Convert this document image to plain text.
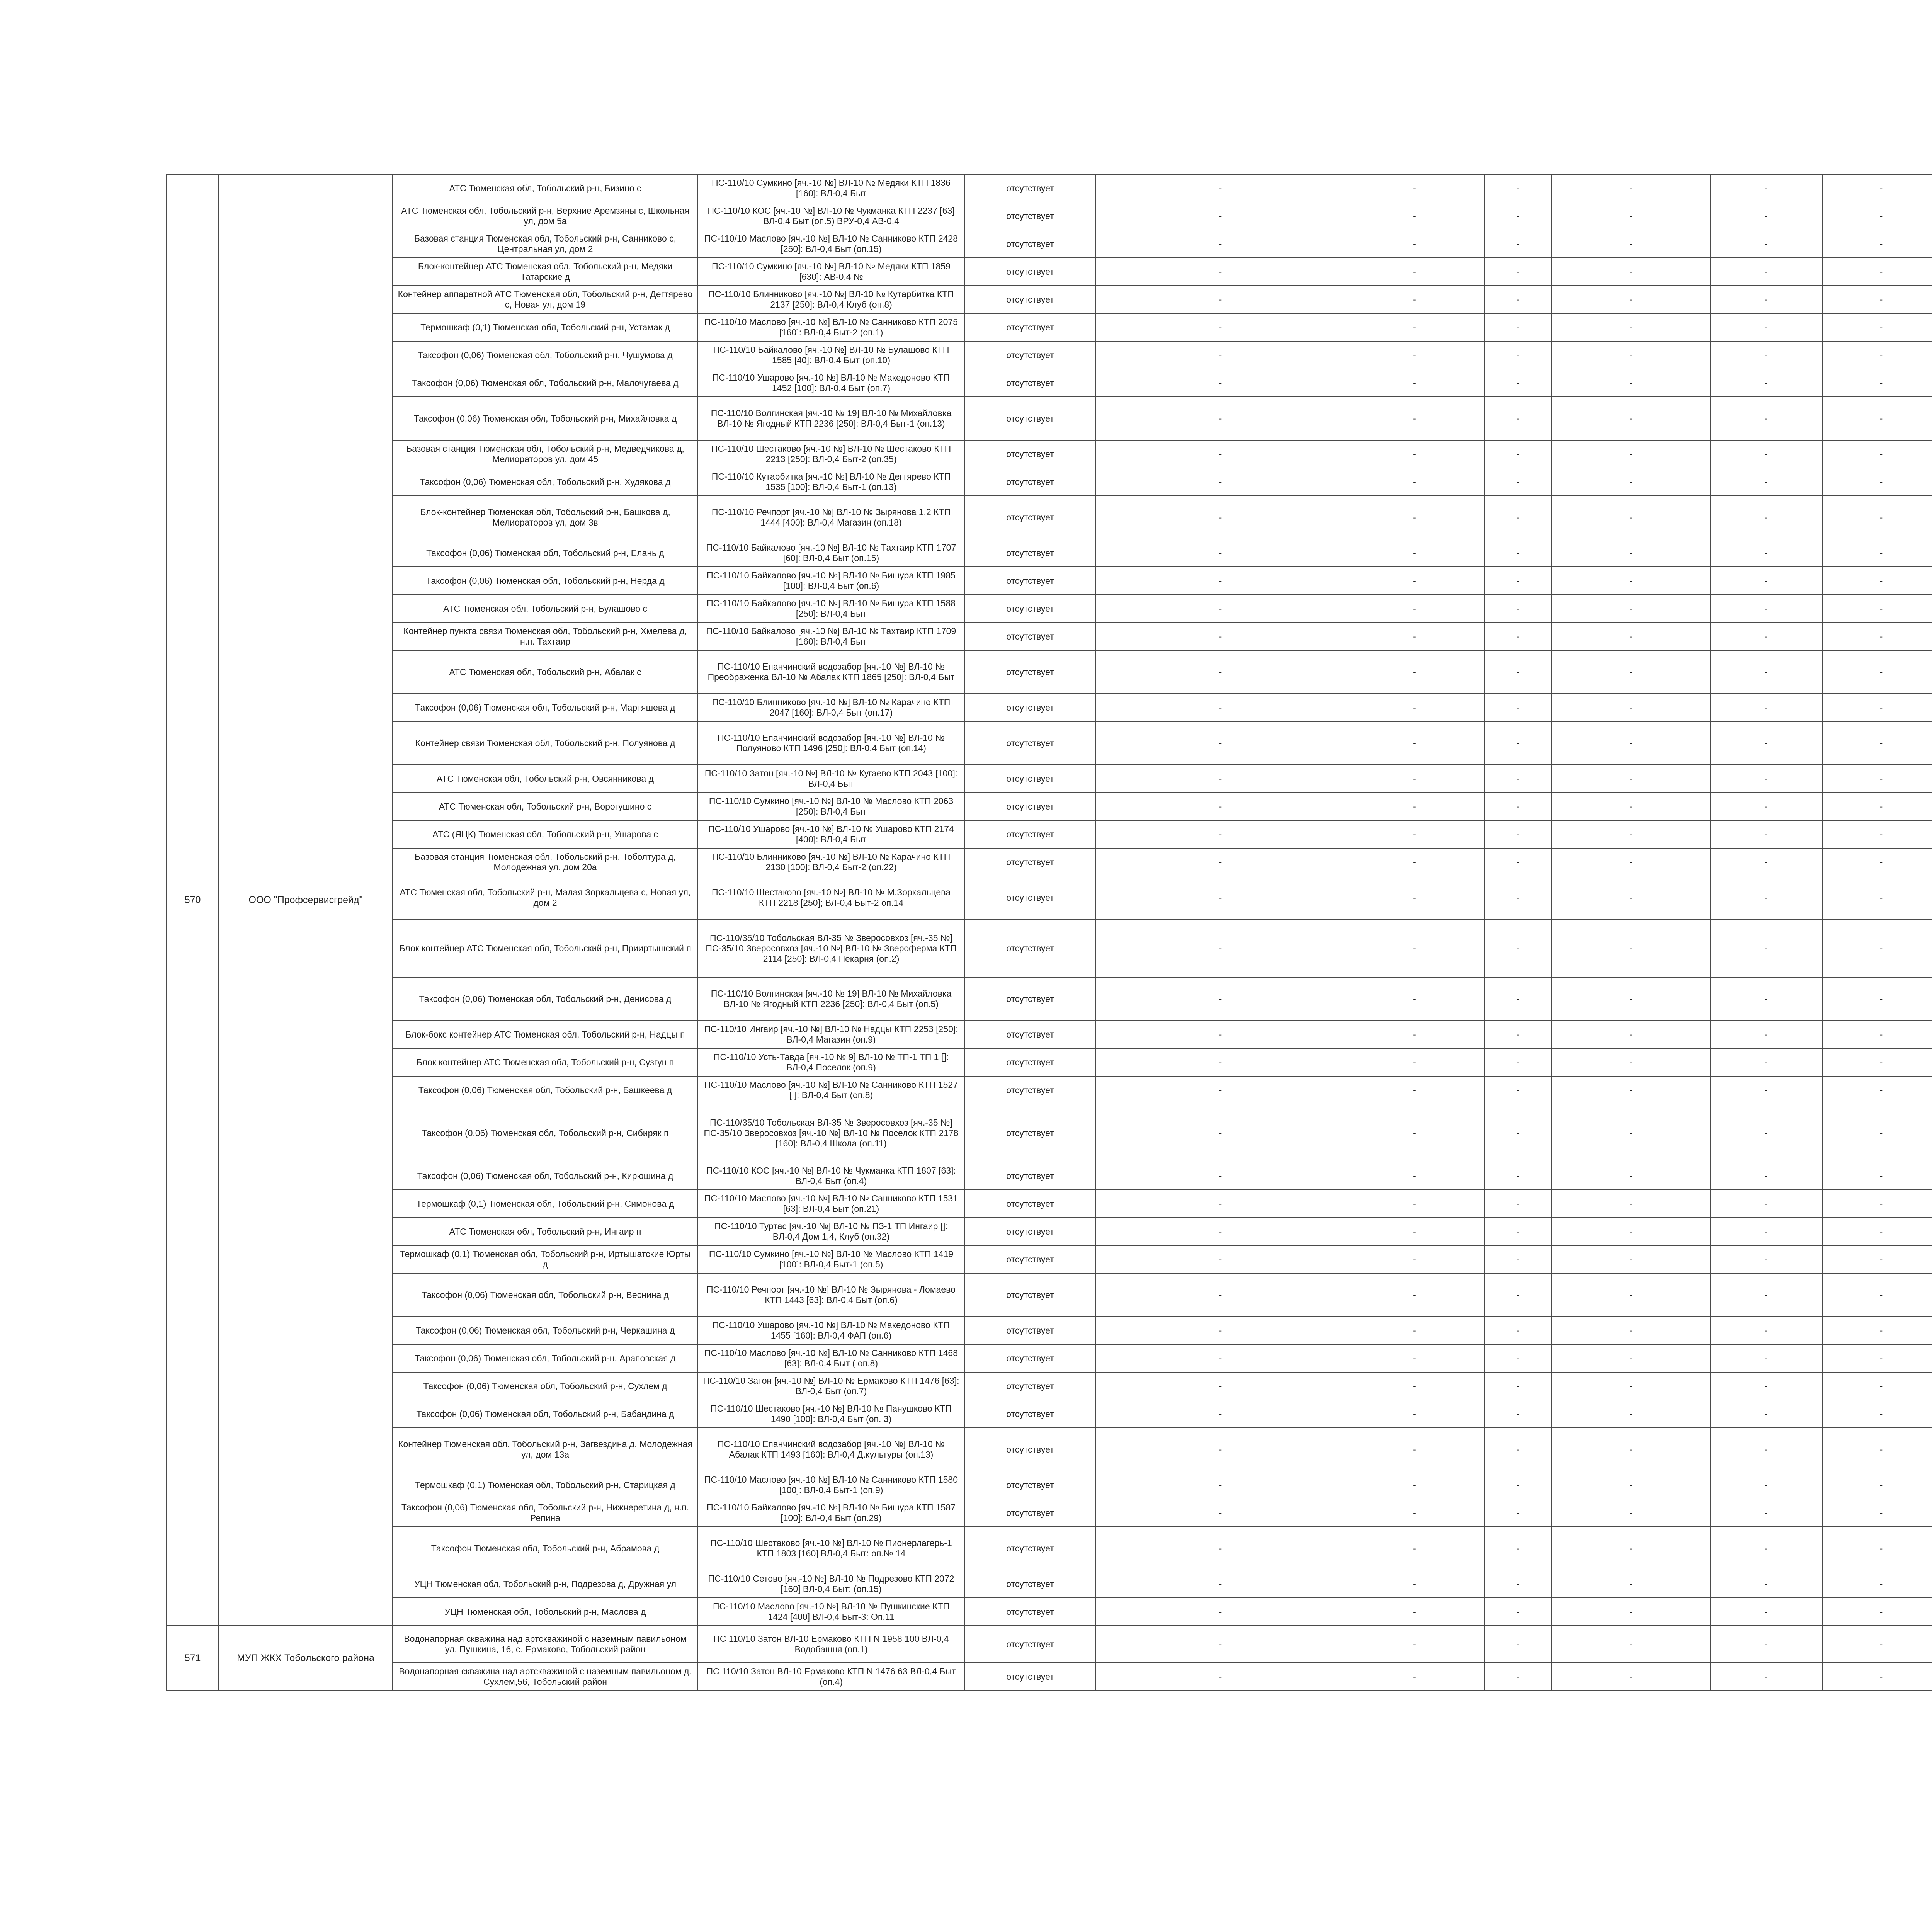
570	ООО "Профсервисгрейд"	АТС Тюменская обл, Тобольский р-н, Бизино с	ПС-110/10 Сумкино [яч.-10 №] ВЛ-10 № Медяки КТП 1836 [160]: ВЛ-0,4 Быт	отсутствует	-	-	-	-	-	-
		АТС Тюменская обл, Тобольский р-н, Верхние Аремзяны с, Школьная ул, дом 5а	ПС-110/10 КОС [яч.-10 №] ВЛ-10 № Чукманка КТП 2237 [63] ВЛ-0,4 Быт (оп.5) ВРУ-0,4 АВ-0,4	отсутствует	-	-	-	-	-	-
		Базовая станция Тюменская обл, Тобольский р-н, Санниково с, Центральная ул, дом 2	ПС-110/10 Маслово [яч.-10 №] ВЛ-10 № Санниково КТП 2428 [250]: ВЛ-0,4 Быт (оп.15)	отсутствует	-	-	-	-	-	-
		Блок-контейнер АТС Тюменская обл, Тобольский р-н, Медяки Татарские д	ПС-110/10 Сумкино [яч.-10 №] ВЛ-10 № Медяки КТП 1859 [630]: АВ-0,4 №	отсутствует	-	-	-	-	-	-
		Контейнер аппаратной АТС Тюменская обл, Тобольский р-н, Дегтярево с, Новая ул, дом 19	ПС-110/10 Блинниково [яч.-10 №] ВЛ-10 № Кутарбитка КТП 2137 [250]: ВЛ-0,4 Клуб (оп.8)	отсутствует	-	-	-	-	-	-
		Термошкаф (0,1) Тюменская обл, Тобольский р-н, Устамак д	ПС-110/10 Маслово [яч.-10 №] ВЛ-10 № Санниково КТП 2075 [160]: ВЛ-0,4 Быт-2 (оп.1)	отсутствует	-	-	-	-	-	-
		Таксофон (0,06) Тюменская обл, Тобольский р-н, Чушумова д	ПС-110/10 Байкалово [яч.-10 №] ВЛ-10 № Булашово КТП 1585 [40]: ВЛ-0,4 Быт (оп.10)	отсутствует	-	-	-	-	-	-
		Таксофон (0,06) Тюменская обл, Тобольский р-н, Малочугаева д	ПС-110/10 Ушарово [яч.-10 №] ВЛ-10 № Македоново КТП 1452 [100]: ВЛ-0,4 Быт (оп.7)	отсутствует	-	-	-	-	-	-
		Таксофон (0,06) Тюменская обл, Тобольский р-н, Михайловка д	ПС-110/10 Волгинская [яч.-10 № 19] ВЛ-10 № Михайловка ВЛ-10 № Ягодный КТП 2236 [250]: ВЛ-0,4 Быт-1 (оп.13)	отсутствует	-	-	-	-	-	-
		Базовая станция Тюменская обл, Тобольский р-н, Медведчикова д, Мелиораторов ул, дом 45	ПС-110/10 Шестаково [яч.-10 №] ВЛ-10 № Шестаково КТП 2213 [250]: ВЛ-0,4 Быт-2 (оп.35)	отсутствует	-	-	-	-	-	-
		Таксофон (0,06) Тюменская обл, Тобольский р-н, Худякова д	ПС-110/10 Кутарбитка [яч.-10 №] ВЛ-10 № Дегтярево КТП 1535 [100]: ВЛ-0,4 Быт-1 (оп.13)	отсутствует	-	-	-	-	-	-
		Блок-контейнер Тюменская обл, Тобольский р-н, Башкова д, Мелиораторов ул, дом 3в	ПС-110/10 Речпорт [яч.-10 №] ВЛ-10 № Зырянова 1,2 КТП 1444 [400]: ВЛ-0,4 Магазин (оп.18)	отсутствует	-	-	-	-	-	-
		Таксофон (0,06) Тюменская обл, Тобольский р-н, Елань д	ПС-110/10 Байкалово [яч.-10 №] ВЛ-10 № Тахтаир КТП 1707 [60]: ВЛ-0,4 Быт (оп.15)	отсутствует	-	-	-	-	-	-
		Таксофон (0,06) Тюменская обл, Тобольский р-н, Нерда д	ПС-110/10 Байкалово [яч.-10 №] ВЛ-10 № Бишура КТП 1985 [100]: ВЛ-0,4 Быт (оп.6)	отсутствует	-	-	-	-	-	-
		АТС Тюменская обл, Тобольский р-н, Булашово с	ПС-110/10 Байкалово [яч.-10 №] ВЛ-10 № Бишура КТП 1588 [250]: ВЛ-0,4 Быт	отсутствует	-	-	-	-	-	-
		Контейнер пункта связи Тюменская обл, Тобольский р-н, Хмелева д, н.п. Тахтаир	ПС-110/10 Байкалово [яч.-10 №] ВЛ-10 № Тахтаир КТП 1709 [160]: ВЛ-0,4 Быт	отсутствует	-	-	-	-	-	-
		АТС Тюменская обл, Тобольский р-н, Абалак с	ПС-110/10 Епанчинский водозабор [яч.-10 №] ВЛ-10 № Преображенка ВЛ-10 № Абалак КТП 1865 [250]: ВЛ-0,4 Быт	отсутствует	-	-	-	-	-	-
		Таксофон (0,06) Тюменская обл, Тобольский р-н, Мартяшева д	ПС-110/10 Блинниково [яч.-10 №] ВЛ-10 № Карачино КТП 2047 [160]: ВЛ-0,4 Быт (оп.17)	отсутствует	-	-	-	-	-	-
		Контейнер связи Тюменская обл, Тобольский р-н, Полуянова д	ПС-110/10 Епанчинский водозабор [яч.-10 №] ВЛ-10 № Полуяново КТП 1496 [250]: ВЛ-0,4 Быт (оп.14)	отсутствует	-	-	-	-	-	-
		АТС Тюменская обл, Тобольский р-н, Овсянникова д	ПС-110/10 Затон [яч.-10 №] ВЛ-10 № Кугаево КТП 2043 [100]: ВЛ-0,4 Быт	отсутствует	-	-	-	-	-	-
		АТС Тюменская обл, Тобольский р-н, Ворогушино с	ПС-110/10 Сумкино [яч.-10 №] ВЛ-10 № Маслово КТП 2063 [250]: ВЛ-0,4 Быт	отсутствует	-	-	-	-	-	-
		АТС (ЯЦК) Тюменская обл, Тобольский р-н, Ушарова с	ПС-110/10 Ушарово [яч.-10 №] ВЛ-10 № Ушарово КТП 2174 [400]: ВЛ-0,4 Быт	отсутствует	-	-	-	-	-	-
		Базовая станция Тюменская обл, Тобольский р-н, Тоболтура д, Молодежная ул, дом 20а	ПС-110/10 Блинниково [яч.-10 №] ВЛ-10 № Карачино КТП 2130 [100]: ВЛ-0,4 Быт-2 (оп.22)	отсутствует	-	-	-	-	-	-
		АТС Тюменская обл, Тобольский р-н, Малая Зоркальцева с, Новая ул, дом 2	ПС-110/10 Шестаково [яч.-10 №] ВЛ-10 № М.Зоркальцева КТП 2218 [250]; ВЛ-0,4 Быт-2 оп.14	отсутствует	-	-	-	-	-	-
		Блок контейнер АТС Тюменская обл, Тобольский р-н, Прииртышский п	ПС-110/35/10 Тобольская ВЛ-35 № Зверосовхоз [яч.-35 №] ПС-35/10 Зверосовхоз [яч.-10 №] ВЛ-10 № Звероферма КТП 2114 [250]: ВЛ-0,4 Пекарня (оп.2)	отсутствует	-	-	-	-	-	-
		Таксофон (0,06) Тюменская обл, Тобольский р-н, Денисова д	ПС-110/10 Волгинская [яч.-10 № 19] ВЛ-10 № Михайловка ВЛ-10 № Ягодный КТП 2236 [250]: ВЛ-0,4 Быт (оп.5)	отсутствует	-	-	-	-	-	-
		Блок-бокс контейнер АТС Тюменская обл, Тобольский р-н, Надцы п	ПС-110/10 Ингаир [яч.-10 №] ВЛ-10 № Надцы КТП 2253 [250]: ВЛ-0,4 Магазин (оп.9)	отсутствует	-	-	-	-	-	-
		Блок контейнер АТС Тюменская обл, Тобольский р-н, Сузгун п	ПС-110/10 Усть-Тавда [яч.-10 № 9] ВЛ-10 № ТП-1 ТП 1 []: ВЛ-0,4 Поселок (оп.9)	отсутствует	-	-	-	-	-	-
		Таксофон (0,06) Тюменская обл, Тобольский р-н, Башкеева д	ПС-110/10 Маслово [яч.-10 №] ВЛ-10 № Санниково КТП 1527 [ ]: ВЛ-0,4 Быт (оп.8)	отсутствует	-	-	-	-	-	-
		Таксофон (0,06) Тюменская обл, Тобольский р-н, Сибиряк п	ПС-110/35/10 Тобольская ВЛ-35 № Зверосовхоз [яч.-35 №] ПС-35/10 Зверосовхоз [яч.-10 №] ВЛ-10 № Поселок КТП 2178 [160]: ВЛ-0,4 Школа (оп.11)	отсутствует	-	-	-	-	-	-
		Таксофон (0,06) Тюменская обл, Тобольский р-н, Кирюшина д	ПС-110/10 КОС [яч.-10 №] ВЛ-10 № Чукманка КТП 1807 [63]: ВЛ-0,4 Быт (оп.4)	отсутствует	-	-	-	-	-	-
		Термошкаф (0,1) Тюменская обл, Тобольский р-н, Симонова д	ПС-110/10 Маслово [яч.-10 №] ВЛ-10 № Санниково КТП 1531 [63]: ВЛ-0,4 Быт (оп.21)	отсутствует	-	-	-	-	-	-
		АТС Тюменская обл, Тобольский р-н, Ингаир п	ПС-110/10 Туртас [яч.-10 №] ВЛ-10 № ПЗ-1 ТП Ингаир []: ВЛ-0,4 Дом 1,4, Клуб (оп.32)	отсутствует	-	-	-	-	-	-
		Термошкаф (0,1) Тюменская обл, Тобольский р-н, Иртышатские Юрты д	ПС-110/10 Сумкино [яч.-10 №] ВЛ-10 № Маслово КТП 1419 [100]: ВЛ-0,4 Быт-1 (оп.5)	отсутствует	-	-	-	-	-	-
		Таксофон (0,06) Тюменская обл, Тобольский р-н, Веснина д	ПС-110/10 Речпорт [яч.-10 №] ВЛ-10 № Зырянова - Ломаево КТП 1443 [63]: ВЛ-0,4 Быт (оп.6)	отсутствует	-	-	-	-	-	-
		Таксофон (0,06) Тюменская обл, Тобольский р-н, Черкашина д	ПС-110/10 Ушарово [яч.-10 №] ВЛ-10 № Македоново КТП 1455 [160]: ВЛ-0,4 ФАП (оп.6)	отсутствует	-	-	-	-	-	-
		Таксофон (0,06) Тюменская обл, Тобольский р-н, Араповская д	ПС-110/10 Маслово [яч.-10 №] ВЛ-10 № Санниково КТП 1468 [63]: ВЛ-0,4 Быт ( оп.8)	отсутствует	-	-	-	-	-	-
		Таксофон (0,06) Тюменская обл, Тобольский р-н, Сухлем д	ПС-110/10 Затон [яч.-10 №] ВЛ-10 № Ермаково КТП 1476 [63]: ВЛ-0,4 Быт (оп.7)	отсутствует	-	-	-	-	-	-
		Таксофон (0,06) Тюменская обл, Тобольский р-н, Бабандина д	ПС-110/10 Шестаково [яч.-10 №] ВЛ-10 № Панушково КТП 1490 [100]: ВЛ-0,4 Быт (оп. 3)	отсутствует	-	-	-	-	-	-
		Контейнер Тюменская обл, Тобольский р-н, Загвездина д, Молодежная ул, дом 13а	ПС-110/10 Епанчинский водозабор [яч.-10 №] ВЛ-10 № Абалак КТП 1493 [160]: ВЛ-0,4 Д.культуры (оп.13)	отсутствует	-	-	-	-	-	-
		Термошкаф (0,1) Тюменская обл, Тобольский р-н, Старицкая д	ПС-110/10 Маслово [яч.-10 №] ВЛ-10 № Санниково КТП 1580 [100]: ВЛ-0,4 Быт-1 (оп.9)	отсутствует	-	-	-	-	-	-
		Таксофон (0,06) Тюменская обл, Тобольский р-н, Нижнеретина д, н.п. Репина	ПС-110/10 Байкалово [яч.-10 №] ВЛ-10 № Бишура КТП 1587 [100]: ВЛ-0,4 Быт (оп.29)	отсутствует	-	-	-	-	-	-
		Таксофон Тюменская обл, Тобольский р-н, Абрамова д	ПС-110/10 Шестаково [яч.-10 №] ВЛ-10 № Пионерлагерь-1 КТП 1803 [160] ВЛ-0,4 Быт: оп.№ 14	отсутствует	-	-	-	-	-	-
		УЦН Тюменская обл, Тобольский р-н, Подрезова д, Дружная ул	ПС-110/10 Сетово [яч.-10 №] ВЛ-10 № Подрезово КТП 2072 [160] ВЛ-0,4 Быт: (оп.15)	отсутствует	-	-	-	-	-	-
		УЦН Тюменская обл, Тобольский р-н, Маслова д	ПС-110/10 Маслово [яч.-10 №] ВЛ-10 № Пушкинские КТП 1424 [400] ВЛ-0,4 Быт-3: Оп.11	отсутствует	-	-	-	-	-	-
571	МУП ЖКХ Тобольского района	Водонапорная скважина над артскважиной с наземным павильоном ул. Пушкина, 16, с. Ермаково, Тобольский район	ПС 110/10 Затон ВЛ-10 Ермаково КТП N 1958 100 ВЛ-0,4 Водобашня (оп.1)	отсутствует	-	-	-	-	-	-
		Водонапорная скважина над артскважиной с наземным павильоном д. Сухлем,56, Тобольский район	ПС 110/10 Затон ВЛ-10 Ермаково КТП N 1476 63 ВЛ-0,4 Быт (оп.4)	отсутствует	-	-	-	-	-	-
